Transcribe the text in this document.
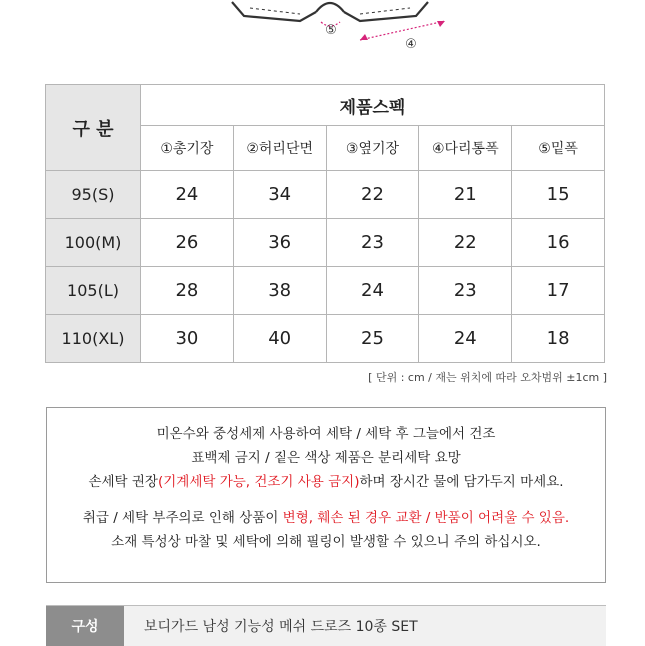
⑤
④
구 분	제품스펙				
	①총기장	②허리단면	③옆기장	④다리통폭	⑤밑폭
95(S)	24	34	22	21	15
100(M)	26	36	23	22	16
105(L)	28	38	24	23	17
110(XL)	30	40	25	24	18
[ 단위 : cm / 재는 위치에 따라 오차범위 ±1cm ]
미온수와 중성세제 사용하여 세탁 / 세탁 후 그늘에서 건조
표백제 금지 / 짙은 색상 제품은 분리세탁 요망
손세탁 권장(기계세탁 가능, 건조기 사용 금지)하며 장시간 물에 담가두지 마세요.
취급 / 세탁 부주의로 인해 상품이 변형, 훼손 된 경우 교환 / 반품이 어려울 수 있음.
소재 특성상 마찰 및 세탁에 의해 필링이 발생할 수 있으니 주의 하십시오.
구성	보디가드 남성 기능성 메쉬 드로즈 10종 SET
